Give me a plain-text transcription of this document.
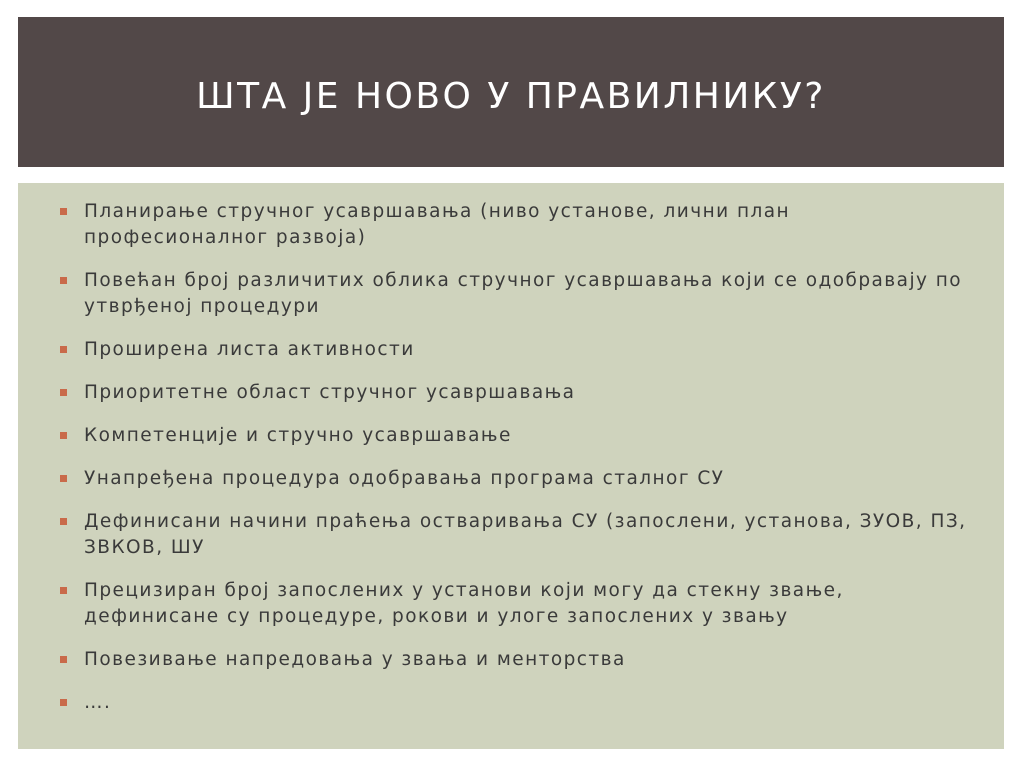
ШТА ЈЕ НОВО У ПРАВИЛНИКУ?
Планирање стручног усавршавања (ниво установе, лични план професионалног развоја)
Повећан број различитих облика стручног усавршавања који се одобравају по утврђеној процедури
Проширена листа активности
Приоритетне област стручног усавршавања
Компетенције и стручно усавршавање
Унапређена процедура одобравања програма сталног СУ
Дефинисани начини праћења остваривања СУ (запослени, установа, ЗУОВ, ПЗ, ЗВКОВ, ШУ
Прецизиран број запослених у установи који могу да стекну звање, дефинисане су процедуре, рокови и улоге запослених у звању
Повезивање напредовања у звања и менторства
….
